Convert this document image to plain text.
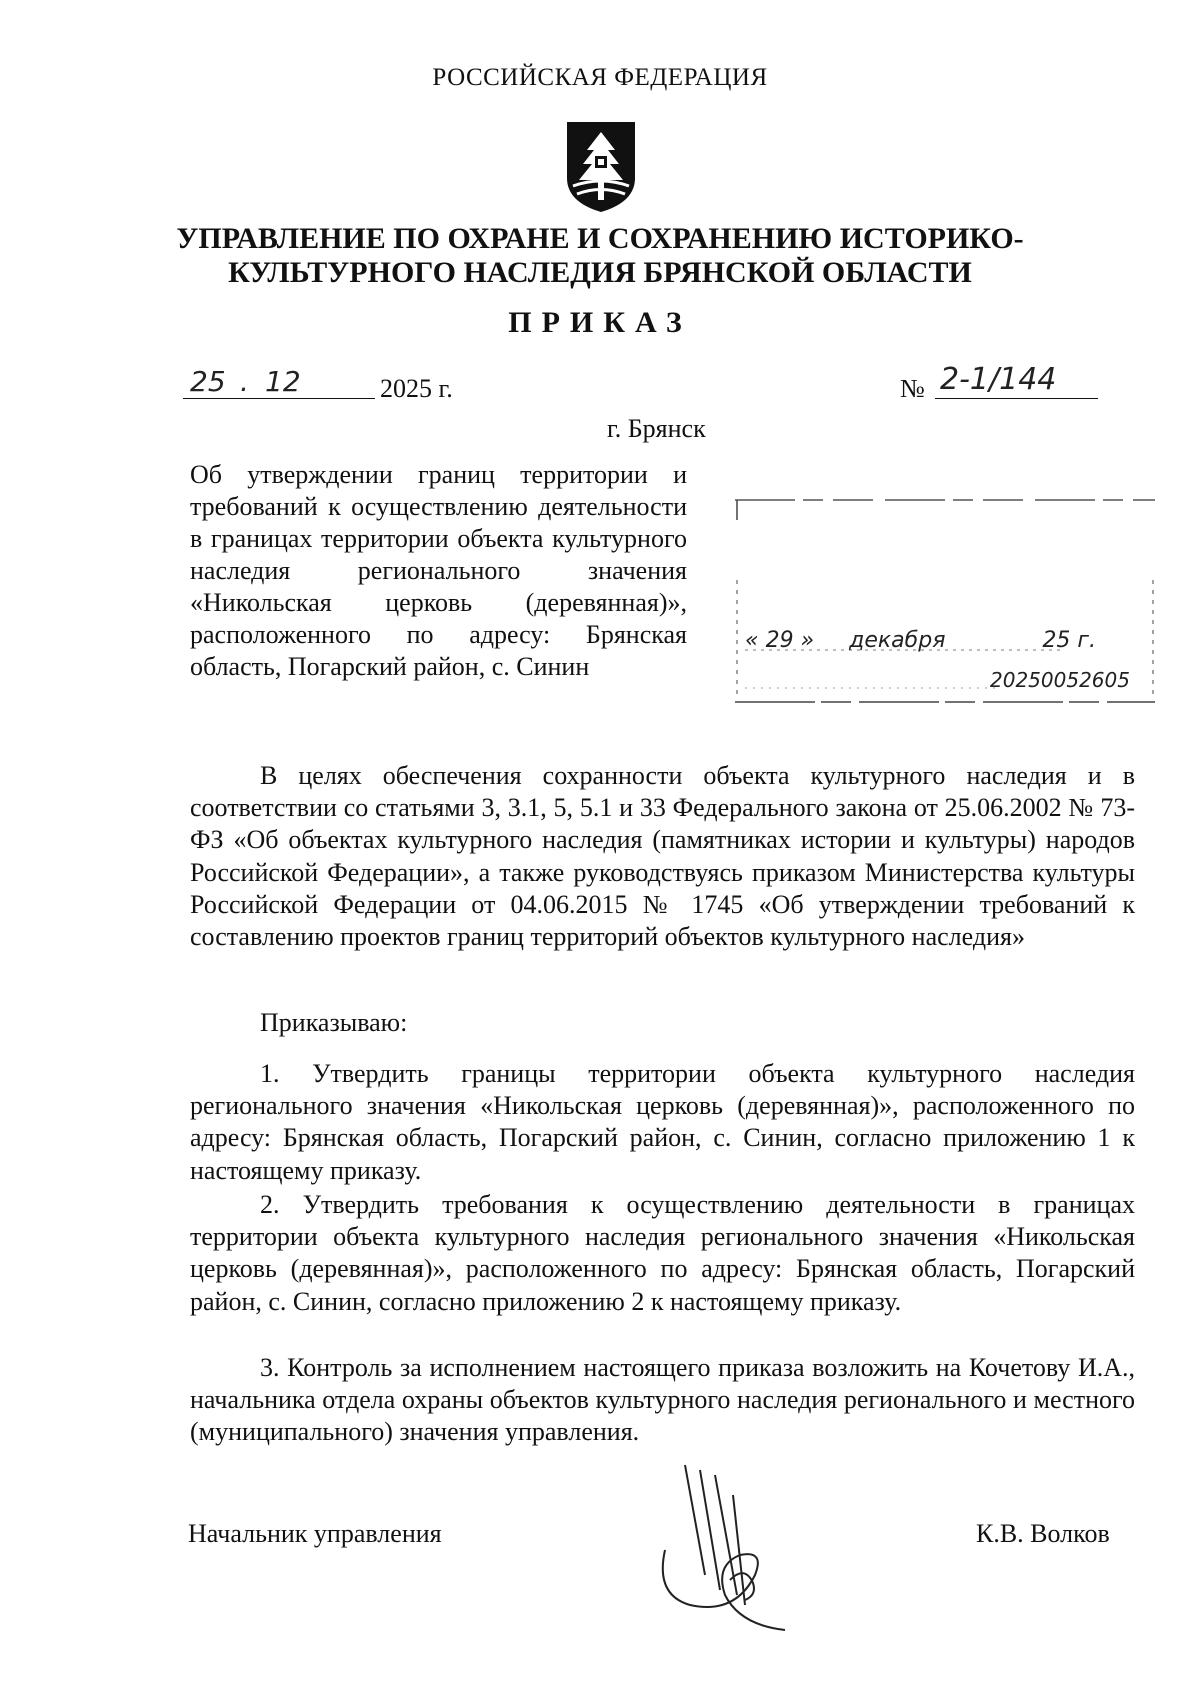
РОССИЙСКАЯ ФЕДЕРАЦИЯ
УПРАВЛЕНИЕ ПО ОХРАНЕ И СОХРАНЕНИЮ ИСТОРИКО-
КУЛЬТУРНОГО НАСЛЕДИЯ БРЯНСКОЙ ОБЛАСТИ
ПРИКАЗ
25 . 12	2025 г.	№ 2-1/144
г. Брянск
Об утверждении границ территории и требований к осуществлению деятельности в границах территории объекта культурного наследия регионального значения «Никольская церковь (деревянная)», расположенного по адресу: Брянская область, Погарский район, с. Синин
« 29 » декабря	25 г.
20250052605
В целях обеспечения сохранности объекта культурного наследия и в соответствии со статьями 3, 3.1, 5, 5.1 и 33 Федерального закона от 25.06.2002 № 73-ФЗ «Об объектах культурного наследия (памятниках истории и культуры) народов Российской Федерации», а также руководствуясь приказом Министерства культуры Российской Федерации от 04.06.2015 № 1745 «Об утверждении требований к составлению проектов границ территорий объектов культурного наследия»
Приказываю:
1. Утвердить границы территории объекта культурного наследия регионального значения «Никольская церковь (деревянная)», расположенного по адресу: Брянская область, Погарский район, с. Синин, согласно приложению 1 к настоящему приказу.
2. Утвердить требования к осуществлению деятельности в границах территории объекта культурного наследия регионального значения «Никольская церковь (деревянная)», расположенного по адресу: Брянская область, Погарский район, с. Синин, согласно приложению 2 к настоящему приказу.
3. Контроль за исполнением настоящего приказа возложить на Кочетову И.А., начальника отдела охраны объектов культурного наследия регионального и местного (муниципального) значения управления.
Начальник управления	К.В. Волков
